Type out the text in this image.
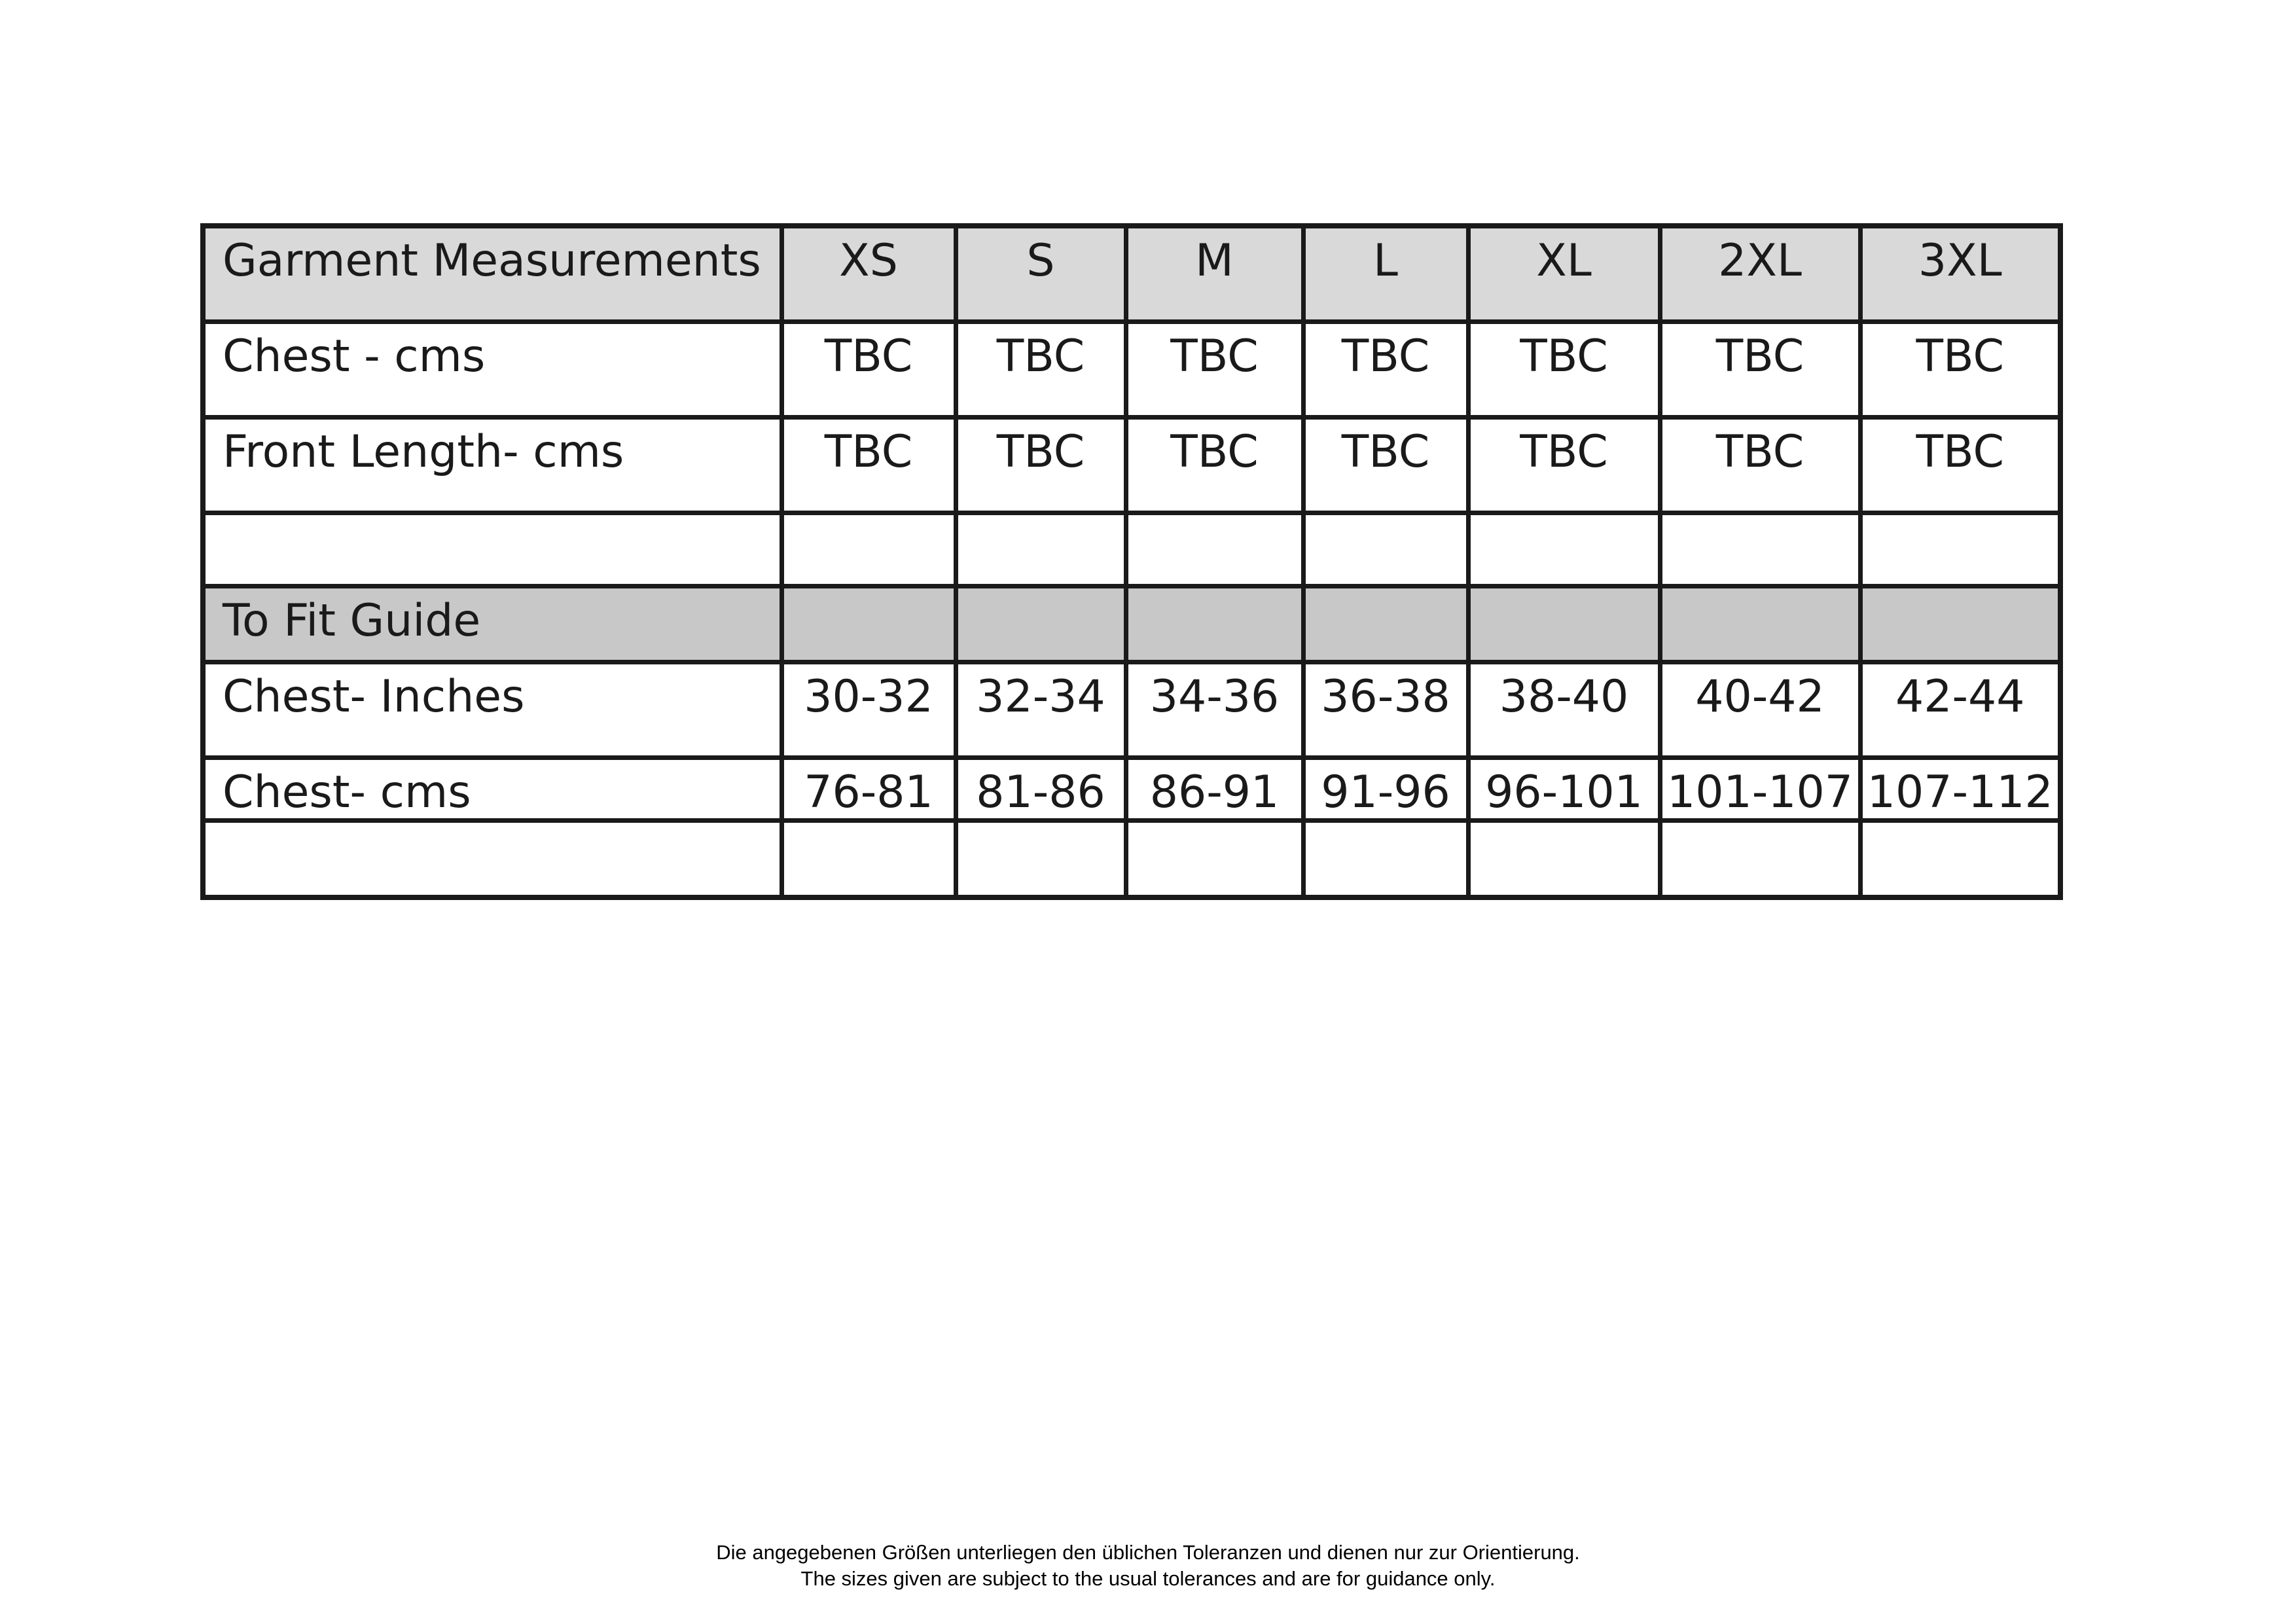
Garment Measurements	XS	S	M	L	XL	2XL	3XL
Chest - cms	TBC	TBC	TBC	TBC	TBC	TBC	TBC
Front Length- cms	TBC	TBC	TBC	TBC	TBC	TBC	TBC

To Fit Guide							
Chest- Inches	30-32	32-34	34-36	36-38	38-40	40-42	42-44
Chest- cms	76-81	81-86	86-91	91-96	96-101	101-107	107-112

Die angegebenen Größen unterliegen den üblichen Toleranzen und dienen nur zur Orientierung.
The sizes given are subject to the usual tolerances and are for guidance only.
